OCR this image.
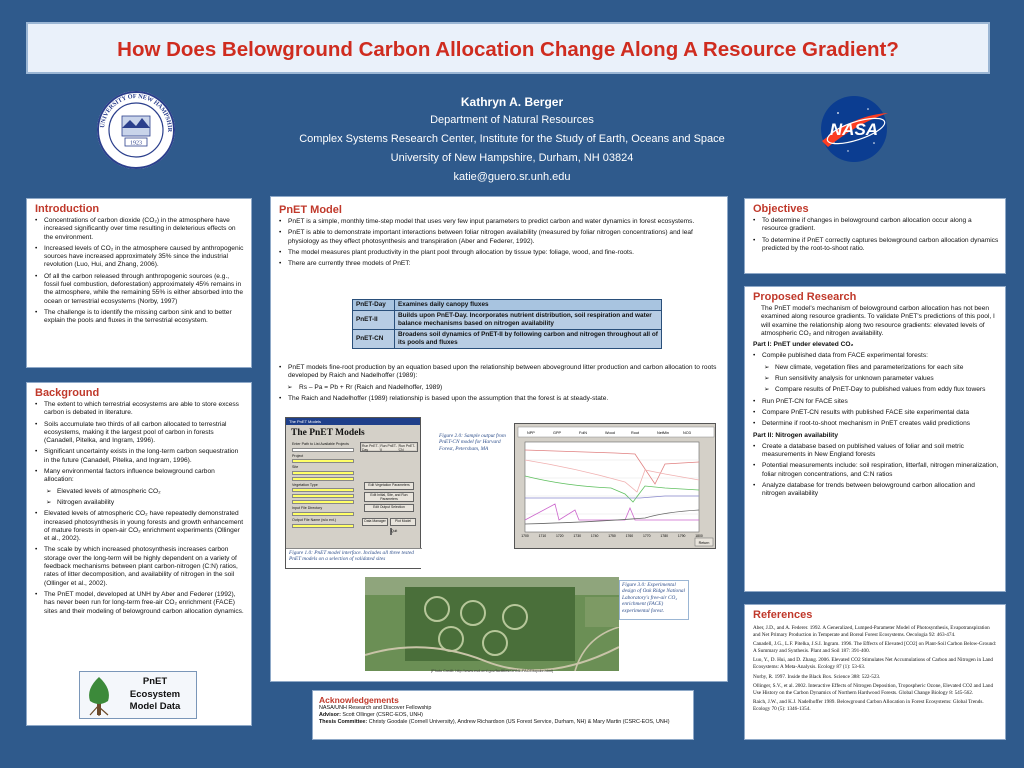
How Does Belowground Carbon Allocation Change Along A Resource Gradient?
UNIVERSITY OF NEW HAMPSHIR
1923
NASA
Kathryn A. Berger
Department of Natural Resources
Complex Systems Research Center, Institute for the Study of Earth, Oceans and Space
University of New Hampshire, Durham, NH 03824
katie@guero.sr.unh.edu
Introduction
• Concentrations of carbon dioxide (CO₂) in the atmosphere have increased significantly over time resulting in deleterious effects on the environment.
• Increased levels of CO₂ in the atmosphere caused by anthropogenic sources have increased approximately 35% since the industrial revolution (Luo, Hui, and Zhang, 2006).
• Of all the carbon released through anthropogenic sources (e.g., fossil fuel combustion, deforestation) approximately 45% remains in the atmosphere, while the remaining 55% is either absorbed into the ocean or terrestrial ecosystems (Norby, 1997)
• The challenge is to identify the missing carbon sink and to better explain the pools and fluxes in the terrestrial ecosystem.
Background
• The extent to which terrestrial ecosystems are able to store excess carbon is debated in literature.
• Soils accumulate two thirds of all carbon allocated to terrestrial ecosystems, making it the largest pool of carbon in forests (Canadell, Pitelka, and Ingram, 1996).
• Significant uncertainty exists in the long-term carbon sequestration in the future (Canadell, Pitelka, and Ingram, 1996).
• Many environmental factors influence belowground carbon allocation:
➢ Elevated levels of atmospheric CO₂
➢ Nitrogen availability
• Elevated levels of atmospheric CO₂ have repeatedly demonstrated increased photosynthesis in young forests and growth enhancement of mature forests in open-air CO₂ enrichment experiments (Ollinger et al., 2002).
• The scale by which increased photosynthesis increases carbon storage over the long-term will be highly dependent on a variety of feedback mechanisms between plant carbon-nitrogen (C:N) ratios, rates of litter decomposition, and availability of nitrogen in the soil (Ollinger et al., 2002).
• The PnET model, developed at UNH by Aber and Federer (1992), has never been run for long-term free-air CO₂ enrichment (FACE) sites and their modeling of belowground carbon allocation dynamics.
PnET
Ecosystem
Model Data
PnET Model
• PnET is a simple, monthly time-step model that uses very few input parameters to predict carbon and water dynamics in forest ecosystems.
• PnET is able to demonstrate important interactions between foliar nitrogen availability (measured by foliar nitrogen concentrations) and leaf physiology as they effect photosynthesis and transpiration (Aber and Federer, 1992).
• The model measures plant productivity in the plant pool through allocation by tissue type: foliage, wood, and fine-roots.
• There are currently three models of PnET:
PnET-Day	Examines daily canopy fluxes
PnET-II	Builds upon PnET-Day. Incorporates nutrient distribution, soil respiration and water balance mechanisms based on nitrogen availability
PnET-CN	Broadens soil dynamics of PnET-II by following carbon and nitrogen throughout all of its pools and fluxes
• PnET models fine-root production by an equation based upon the relationship between aboveground litter production and carbon allocation to roots developed by Raich and Nadelhoffer (1989):
➢ Rs – Pa = Pb + Rr (Raich and Nadelhoffer, 1989)
• The Raich and Nadelhoffer (1989) relationship is based upon the assumption that the forest is at steady-state.
The PnET Models
The PnET Models
Enter Path to List Available Projects
Project
Site
Vegetation Type
Input File Directory
Output File Name (w/o ext.)
Run PnET-Day
Run PnET-II
Run PnET-CN
Edit Vegetation Parameters
Edit Initial, Site, and Run Parameters
Edit Output Selection
Data Manager	Plot Model
Quit
Figure 1.0: PnET model interface. Includes all three tested PnET models on a selection of validated sites
Figure 2.0: Sample output from PnET-CN model for Harvard Forest, Petersham, MA
NPP	GPP	FolN	Wood	Root	NetMin	NO3
1700	1710	1720	1730	1740	1750	1760	1770	1780	1790	1800
Return
Figure 3.0: Experimental design of Oak Ridge National Laboratory's free-air CO₂ enrichment (FACE) experimental forest.
(Photo Credit: http://www.esd.ornl.gov/facilities/ORNL-FACE/topobr.html)
Acknowledgements
NASA/UNH Research and Discover Fellowship
Advisor: Scott Ollinger (CSRC-EOS, UNH)
Thesis Committee: Christy Goodale (Cornell University), Andrew Richardson (US Forest Service, Durham, NH) & Mary Martin (CSRC-EOS, UNH)
Objectives
• To determine if changes in belowground carbon allocation occur along a resource gradient.
• To determine if PnET correctly captures belowground carbon allocation dynamics predicted by the root-to-shoot ratio.
Proposed Research
The PnET model's mechanism of belowground carbon allocation has not been examined along resource gradients. To validate PnET's predictions of this pool, I will examine the relationship along two resource gradients: elevated levels of atmospheric CO₂ and nitrogen availability.
Part I: PnET under elevated CO₂
• Compile published data from FACE experimental forests:
➢ New climate, vegetation files and parameterizations for each site
➢ Run sensitivity analysis for unknown parameter values
➢ Compare results of PnET-Day to published values from eddy flux towers
• Run PnET-CN for FACE sites
• Compare PnET-CN results with published FACE site experimental data
• Determine if root-to-shoot mechanism in PnET creates valid predictions
Part II: Nitrogen availability
• Create a database based on published values of foliar and soil metric measurements in New England forests
• Potential measurements include: soil respiration, litterfall, nitrogen mineralization, foliar nitrogen concentrations, and C:N ratios
• Analyze database for trends between belowground carbon allocation and nitrogen availability
References
Aber, J.D., and A. Federer. 1992. A Generalized, Lumped-Parameter Model of Photosynthesis, Evapotranspiration and Net Primary Production in Temperate and Boreal Forest Ecosystems. Oecologia 92: 463-474.
Canadell, J.G., L.F. Pitelka, J.S.I. Ingram. 1996. The Effects of Elevated [CO2] on Plant-Soil Carbon Below-Ground: A Summary and Synthesis. Plant and Soil 187: 391-400.
Luo, Y., D. Hui, and D. Zhang. 2006. Elevated CO2 Stimulates Net Accumulations of Carbon and Nitrogen in Land Ecosystems: A Meta-Analysis. Ecology 87 (1): 53-63.
Norby, R. 1997. Inside the Black Box. Science 388: 522-523.
Ollinger, S.V., et al. 2002. Interactive Effects of Nitrogen Deposition, Tropospheric Ozone, Elevated CO2 and Land Use History on the Carbon Dynamics of Northern Hardwood Forests. Global Change Biology 8: 545-562.
Raich, J.W., and K.J. Nadelhoffer 1989. Belowground Carbon Allocation in Forest Ecosystems: Global Trends. Ecology 70 (5): 1346-1354.
